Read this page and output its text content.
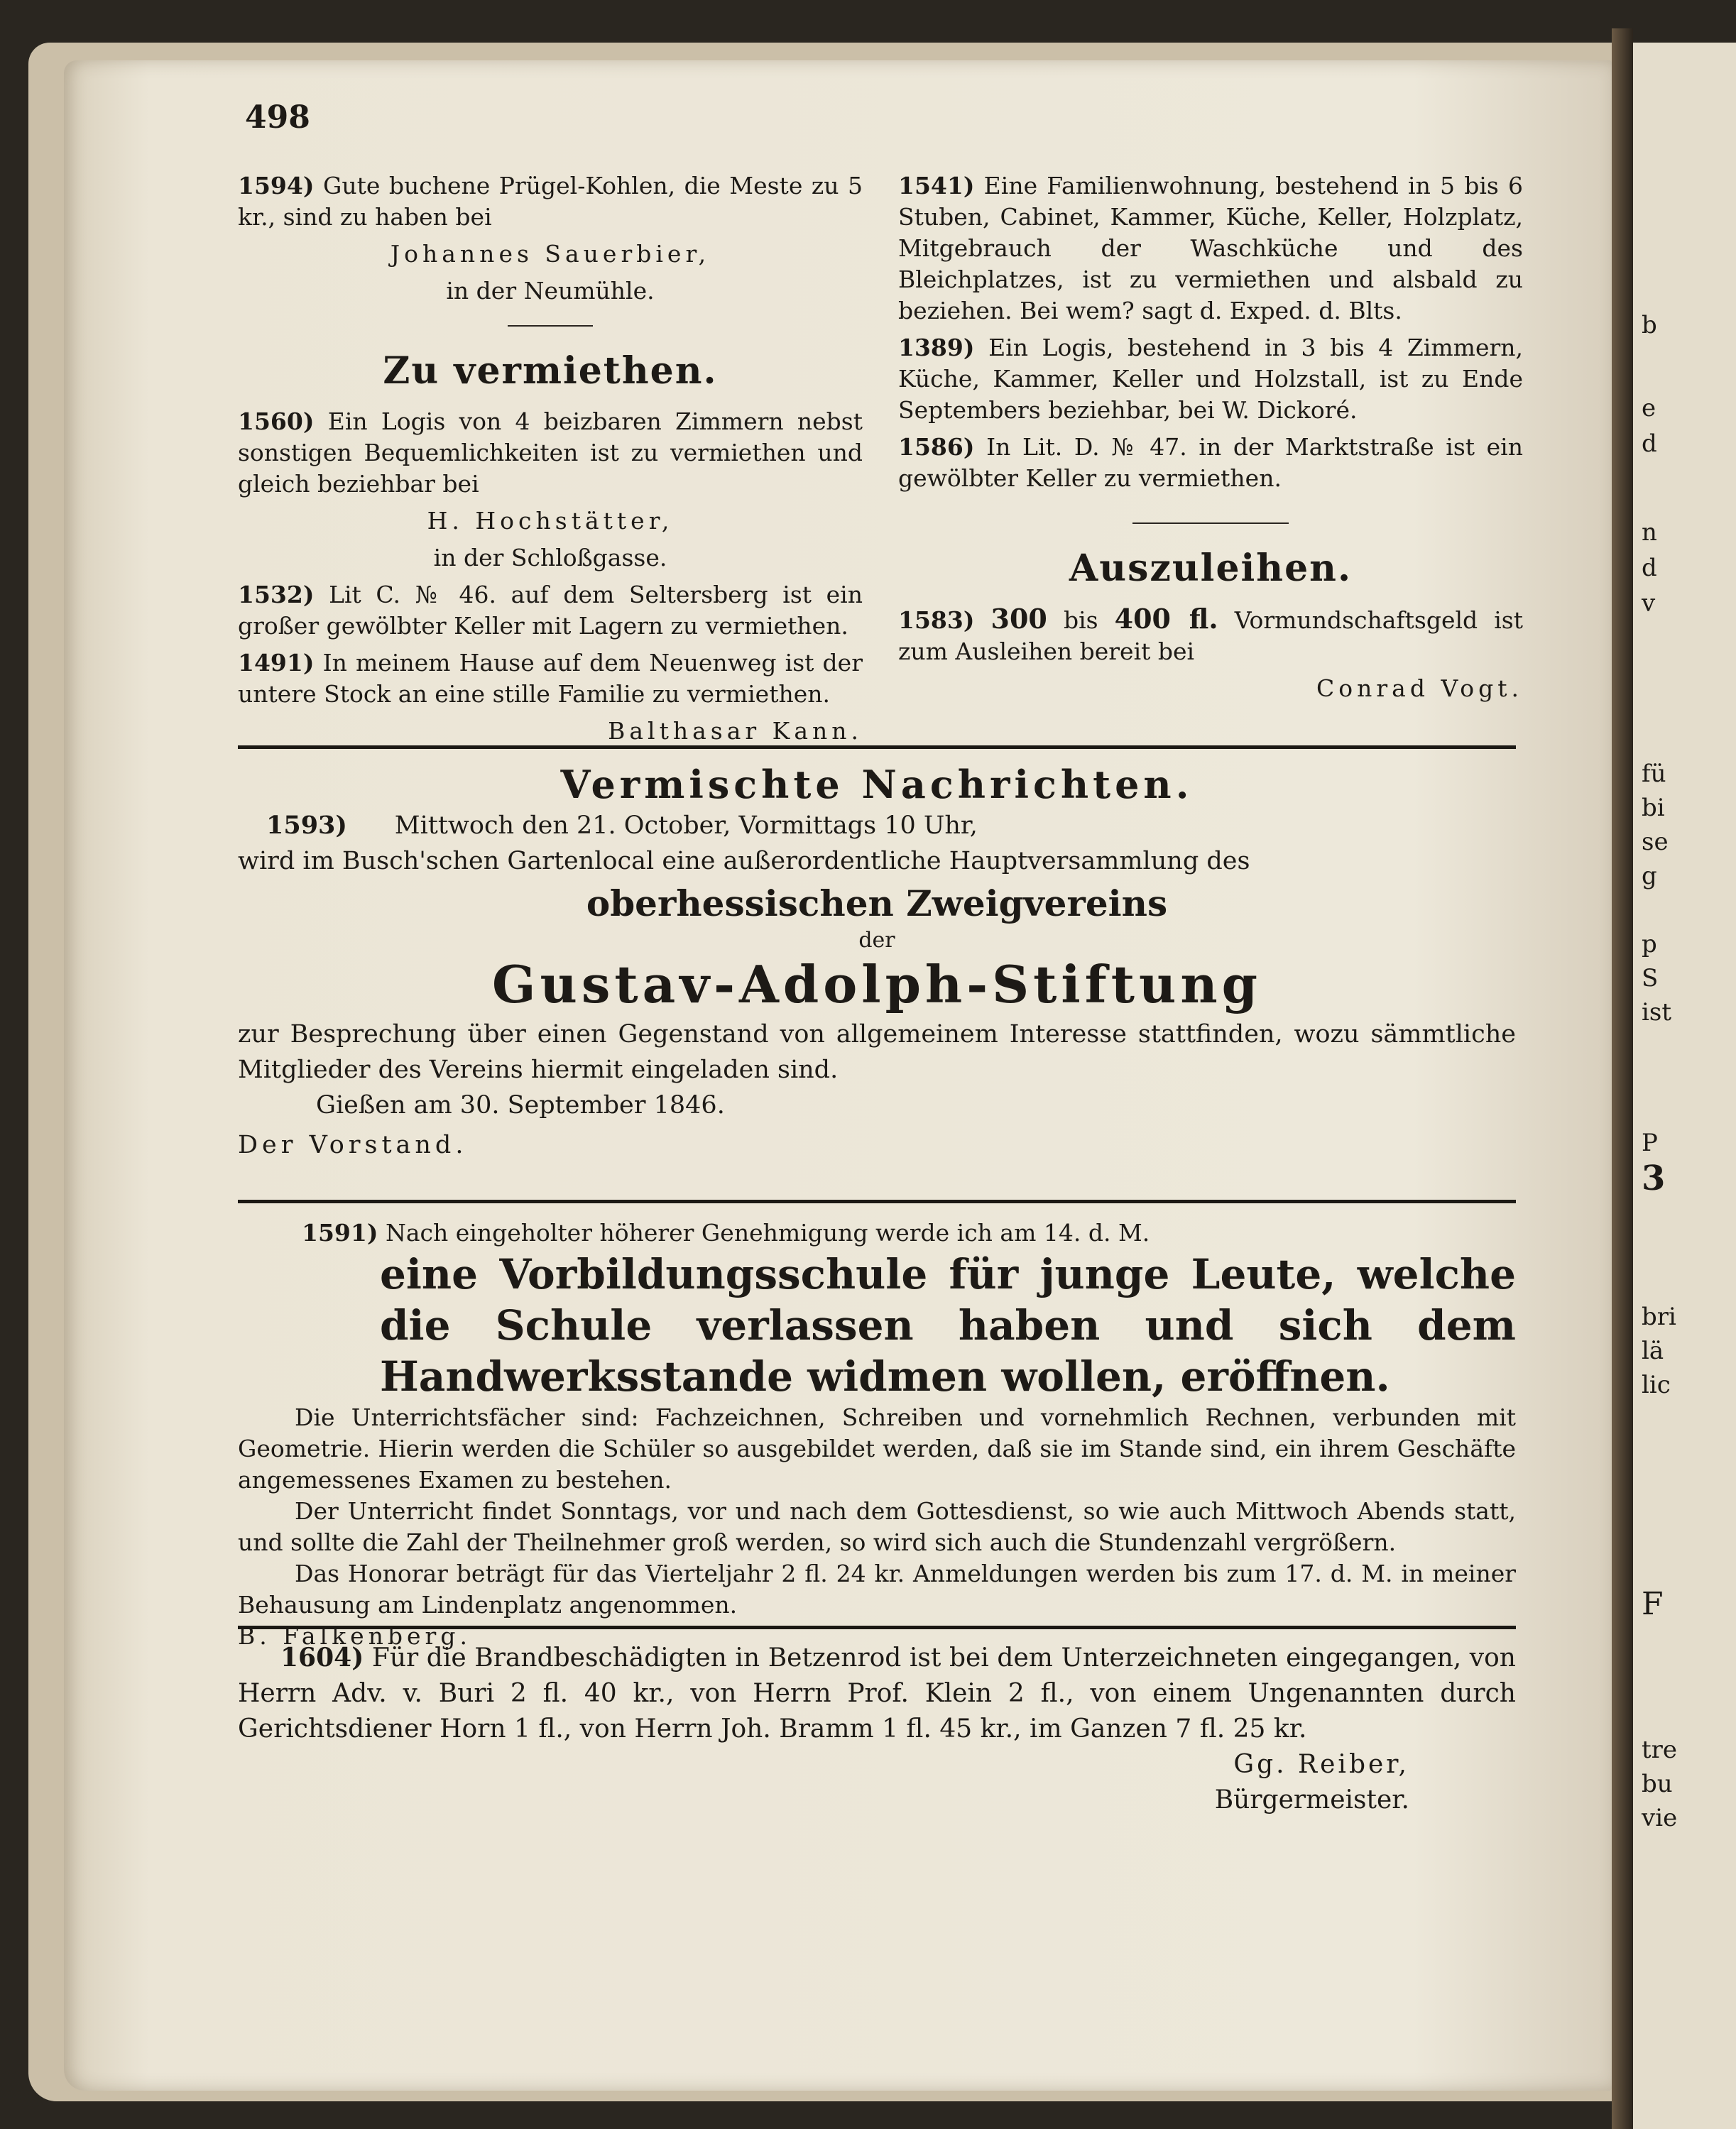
b
e
d
n
d
v
fü
bi
se
g
p
S
ist
P
3
bri
lä
lic
F
tre
bu
vie
498

1594) Gute buchene Prügel-Kohlen, die Meste zu 5 kr., sind zu haben bei

Johannes Sauerbier,

in der Neumühle.

Zu vermiethen.

1560) Ein Logis von 4 beizbaren Zimmern nebst sonstigen Bequemlichkeiten ist zu vermiethen und gleich beziehbar bei

H. Hochstätter,

in der Schloßgasse.

1532) Lit C. № 46. auf dem Seltersberg ist ein großer gewölbter Keller mit Lagern zu vermiethen.

1491) In meinem Hause auf dem Neuenweg ist der untere Stock an eine stille Familie zu vermiethen.

Balthasar Kann.

1541) Eine Familienwohnung, bestehend in 5 bis 6 Stuben, Cabinet, Kammer, Küche, Keller, Holzplatz, Mitgebrauch der Waschküche und des Bleichplatzes, ist zu vermiethen und alsbald zu beziehen. Bei wem? sagt d. Exped. d. Blts.

1389) Ein Logis, bestehend in 3 bis 4 Zimmern, Küche, Kammer, Keller und Holzstall, ist zu Ende Septembers beziehbar, bei W. Dickoré.

1586) In Lit. D. № 47. in der Marktstraße ist ein gewölbter Keller zu vermiethen.

Auszuleihen.

1583) 300 bis 400 fl. Vormundschaftsgeld ist zum Ausleihen bereit bei

Conrad Vogt.

Vermischte Nachrichten.

1593) Mittwoch den 21. October, Vormittags 10 Uhr,

wird im Busch'schen Gartenlocal eine außerordentliche Hauptversammlung des

oberhessischen Zweigvereins

der

Gustav-Adolph-Stiftung

zur Besprechung über einen Gegenstand von allgemeinem Interesse stattfinden, wozu sämmtliche Mitglieder des Vereins hiermit eingeladen sind.

Gießen am 30. September 1846.

Der Vorstand.

1591) Nach eingeholter höherer Genehmigung werde ich am 14. d. M.

eine Vorbildungsschule für junge Leute, welche die Schule verlassen haben und sich dem Handwerksstande widmen wollen, eröffnen.

Die Unterrichtsfächer sind: Fachzeichnen, Schreiben und vornehmlich Rechnen, verbunden mit Geometrie. Hierin werden die Schüler so ausgebildet werden, daß sie im Stande sind, ein ihrem Geschäfte angemessenes Examen zu bestehen.

Der Unterricht findet Sonntags, vor und nach dem Gottesdienst, so wie auch Mittwoch Abends statt, und sollte die Zahl der Theilnehmer groß werden, so wird sich auch die Stundenzahl vergrößern.

Das Honorar beträgt für das Vierteljahr 2 fl. 24 kr. Anmeldungen werden bis zum 17. d. M. in meiner Behausung am Lindenplatz angenommen.

B. Falkenberg.

1604) Für die Brandbeschädigten in Betzenrod ist bei dem Unterzeichneten eingegangen, von Herrn Adv. v. Buri 2 fl. 40 kr., von Herrn Prof. Klein 2 fl., von einem Ungenannten durch Gerichtsdiener Horn 1 fl., von Herrn Joh. Bramm 1 fl. 45 kr., im Ganzen 7 fl. 25 kr.

Gg. Reiber,

Bürgermeister.
